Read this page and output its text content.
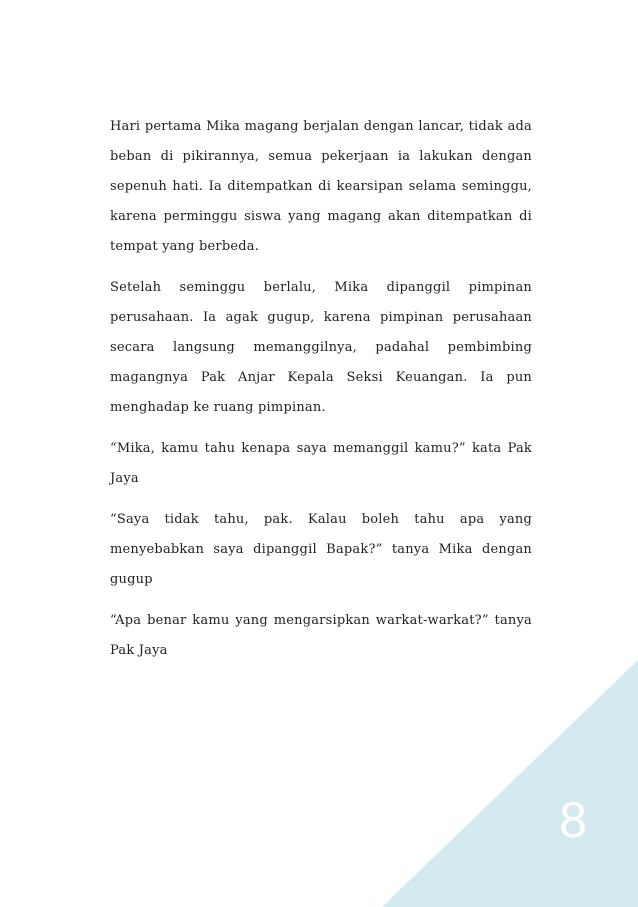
Hari pertama Mika magang berjalan dengan lancar, tidak ada beban di pikirannya, semua pekerjaan ia lakukan dengan sepenuh hati. Ia ditempatkan di kearsipan selama seminggu, karena perminggu siswa yang magang akan ditempatkan di tempat yang berbeda.

Setelah seminggu berlalu, Mika dipanggil pimpinan perusahaan. Ia agak gugup, karena pimpinan perusahaan secara langsung memanggilnya, padahal pembimbing magangnya Pak Anjar Kepala Seksi Keuangan. Ia pun menghadap ke ruang pimpinan.

“Mika, kamu tahu kenapa saya memanggil kamu?” kata Pak Jaya

“Saya tidak tahu, pak. Kalau boleh tahu apa yang menyebabkan saya dipanggil Bapak?” tanya Mika dengan gugup

“Apa benar kamu yang mengarsipkan warkat-warkat?” tanya Pak Jaya

8
